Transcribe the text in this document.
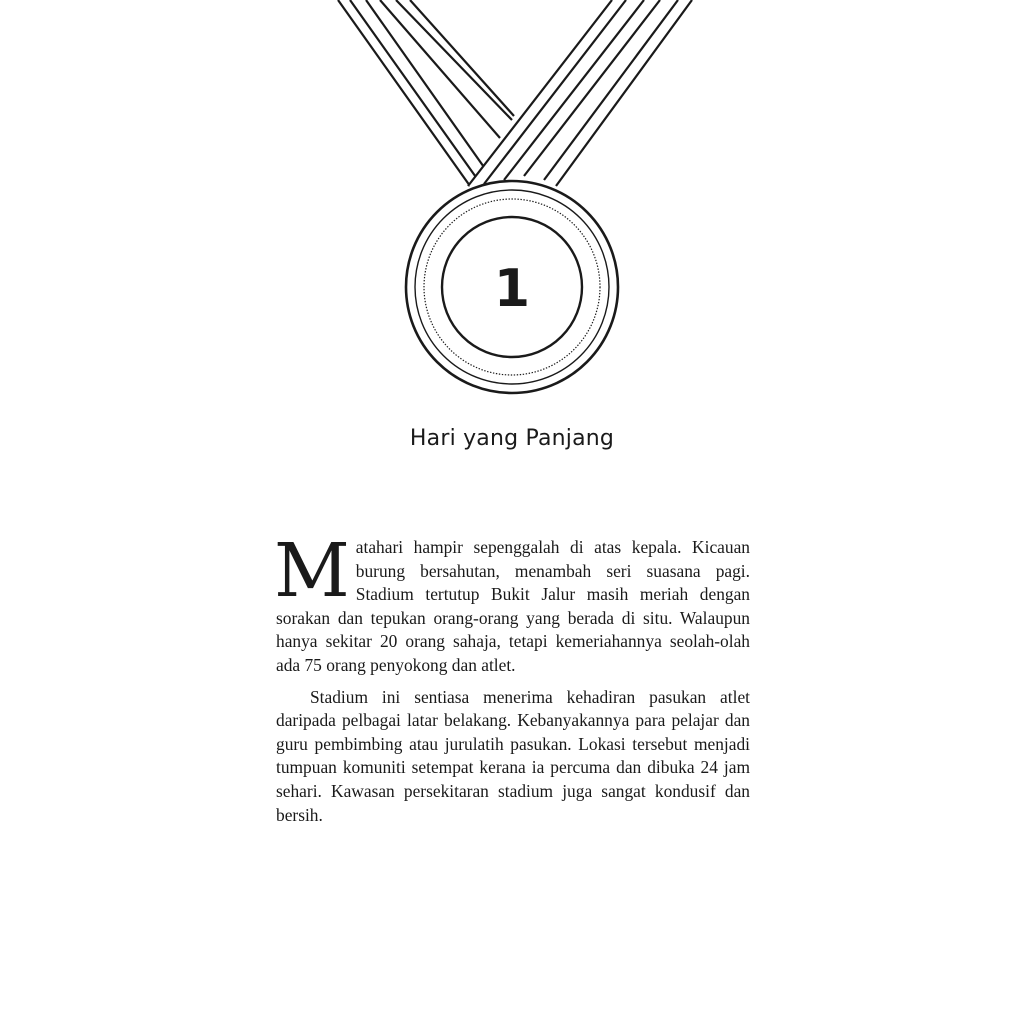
1
Hari yang Panjang

Matahari hampir sepenggalah di atas kepala. Kicauan burung bersahutan, menambah seri suasana pagi. Stadium tertutup Bukit Jalur masih meriah dengan sorakan dan tepukan orang-orang yang berada di situ. Walaupun hanya sekitar 20 orang sahaja, tetapi kemeriahannya seolah-olah ada 75 orang penyokong dan atlet.

Stadium ini sentiasa menerima kehadiran pasukan atlet daripada pelbagai latar belakang. Kebanyakannya para pelajar dan guru pembimbing atau jurulatih pasukan. Lokasi tersebut menjadi tumpuan komuniti setempat kerana ia percuma dan dibuka 24 jam sehari. Kawasan persekitaran stadium juga sangat kondusif dan bersih.
